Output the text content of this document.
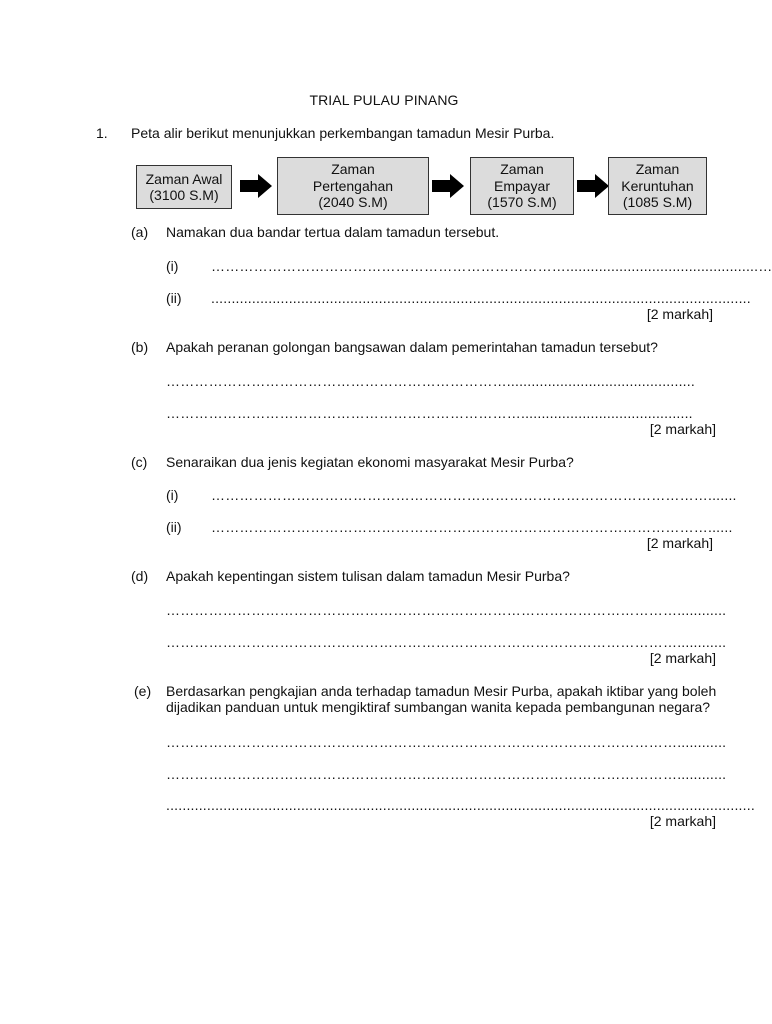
TRIAL PULAU PINANG
1. Peta alir berikut menunjukkan perkembangan tamadun Mesir Purba.
Zaman Awal
(3100 S.M)
Zaman
Pertengahan
(2040 S.M)
Zaman
Empayar
(1570 S.M)
Zaman
Keruntuhan
(1085 S.M)
(a) Namakan dua bandar tertua dalam tamadun tersebut.
(i) …………………………………………………………………...............................................…
(ii) ....................................................................................................................................
[2 markah]
(b) Apakah peranan golongan bangsawan dalam pemerintahan tamadun tersebut?
………………………………………………………………..............................................
…………………………………………………………………..........................................
[2 markah]
(c) Senaraikan dua jenis kegiatan ekonomi masyarakat Mesir Purba?
(i) …………………………………………………………………………………………….......
(ii) ……………………………………………………………………………………………......
[2 markah]
(d) Apakah kepentingan sistem tulisan dalam tamadun Mesir Purba?
………………………………………………………………………………………………............
………………………………………………………………………………………………............
[2 markah]
(e) Berdasarkan pengkajian anda terhadap tamadun Mesir Purba, apakah iktibar yang boleh
dijadikan panduan untuk mengiktiraf sumbangan wanita kepada pembangunan negara?
………………………………………………………………………………………………............
………………………………………………………………………………………………............
................................................................................................................................................
[2 markah]
